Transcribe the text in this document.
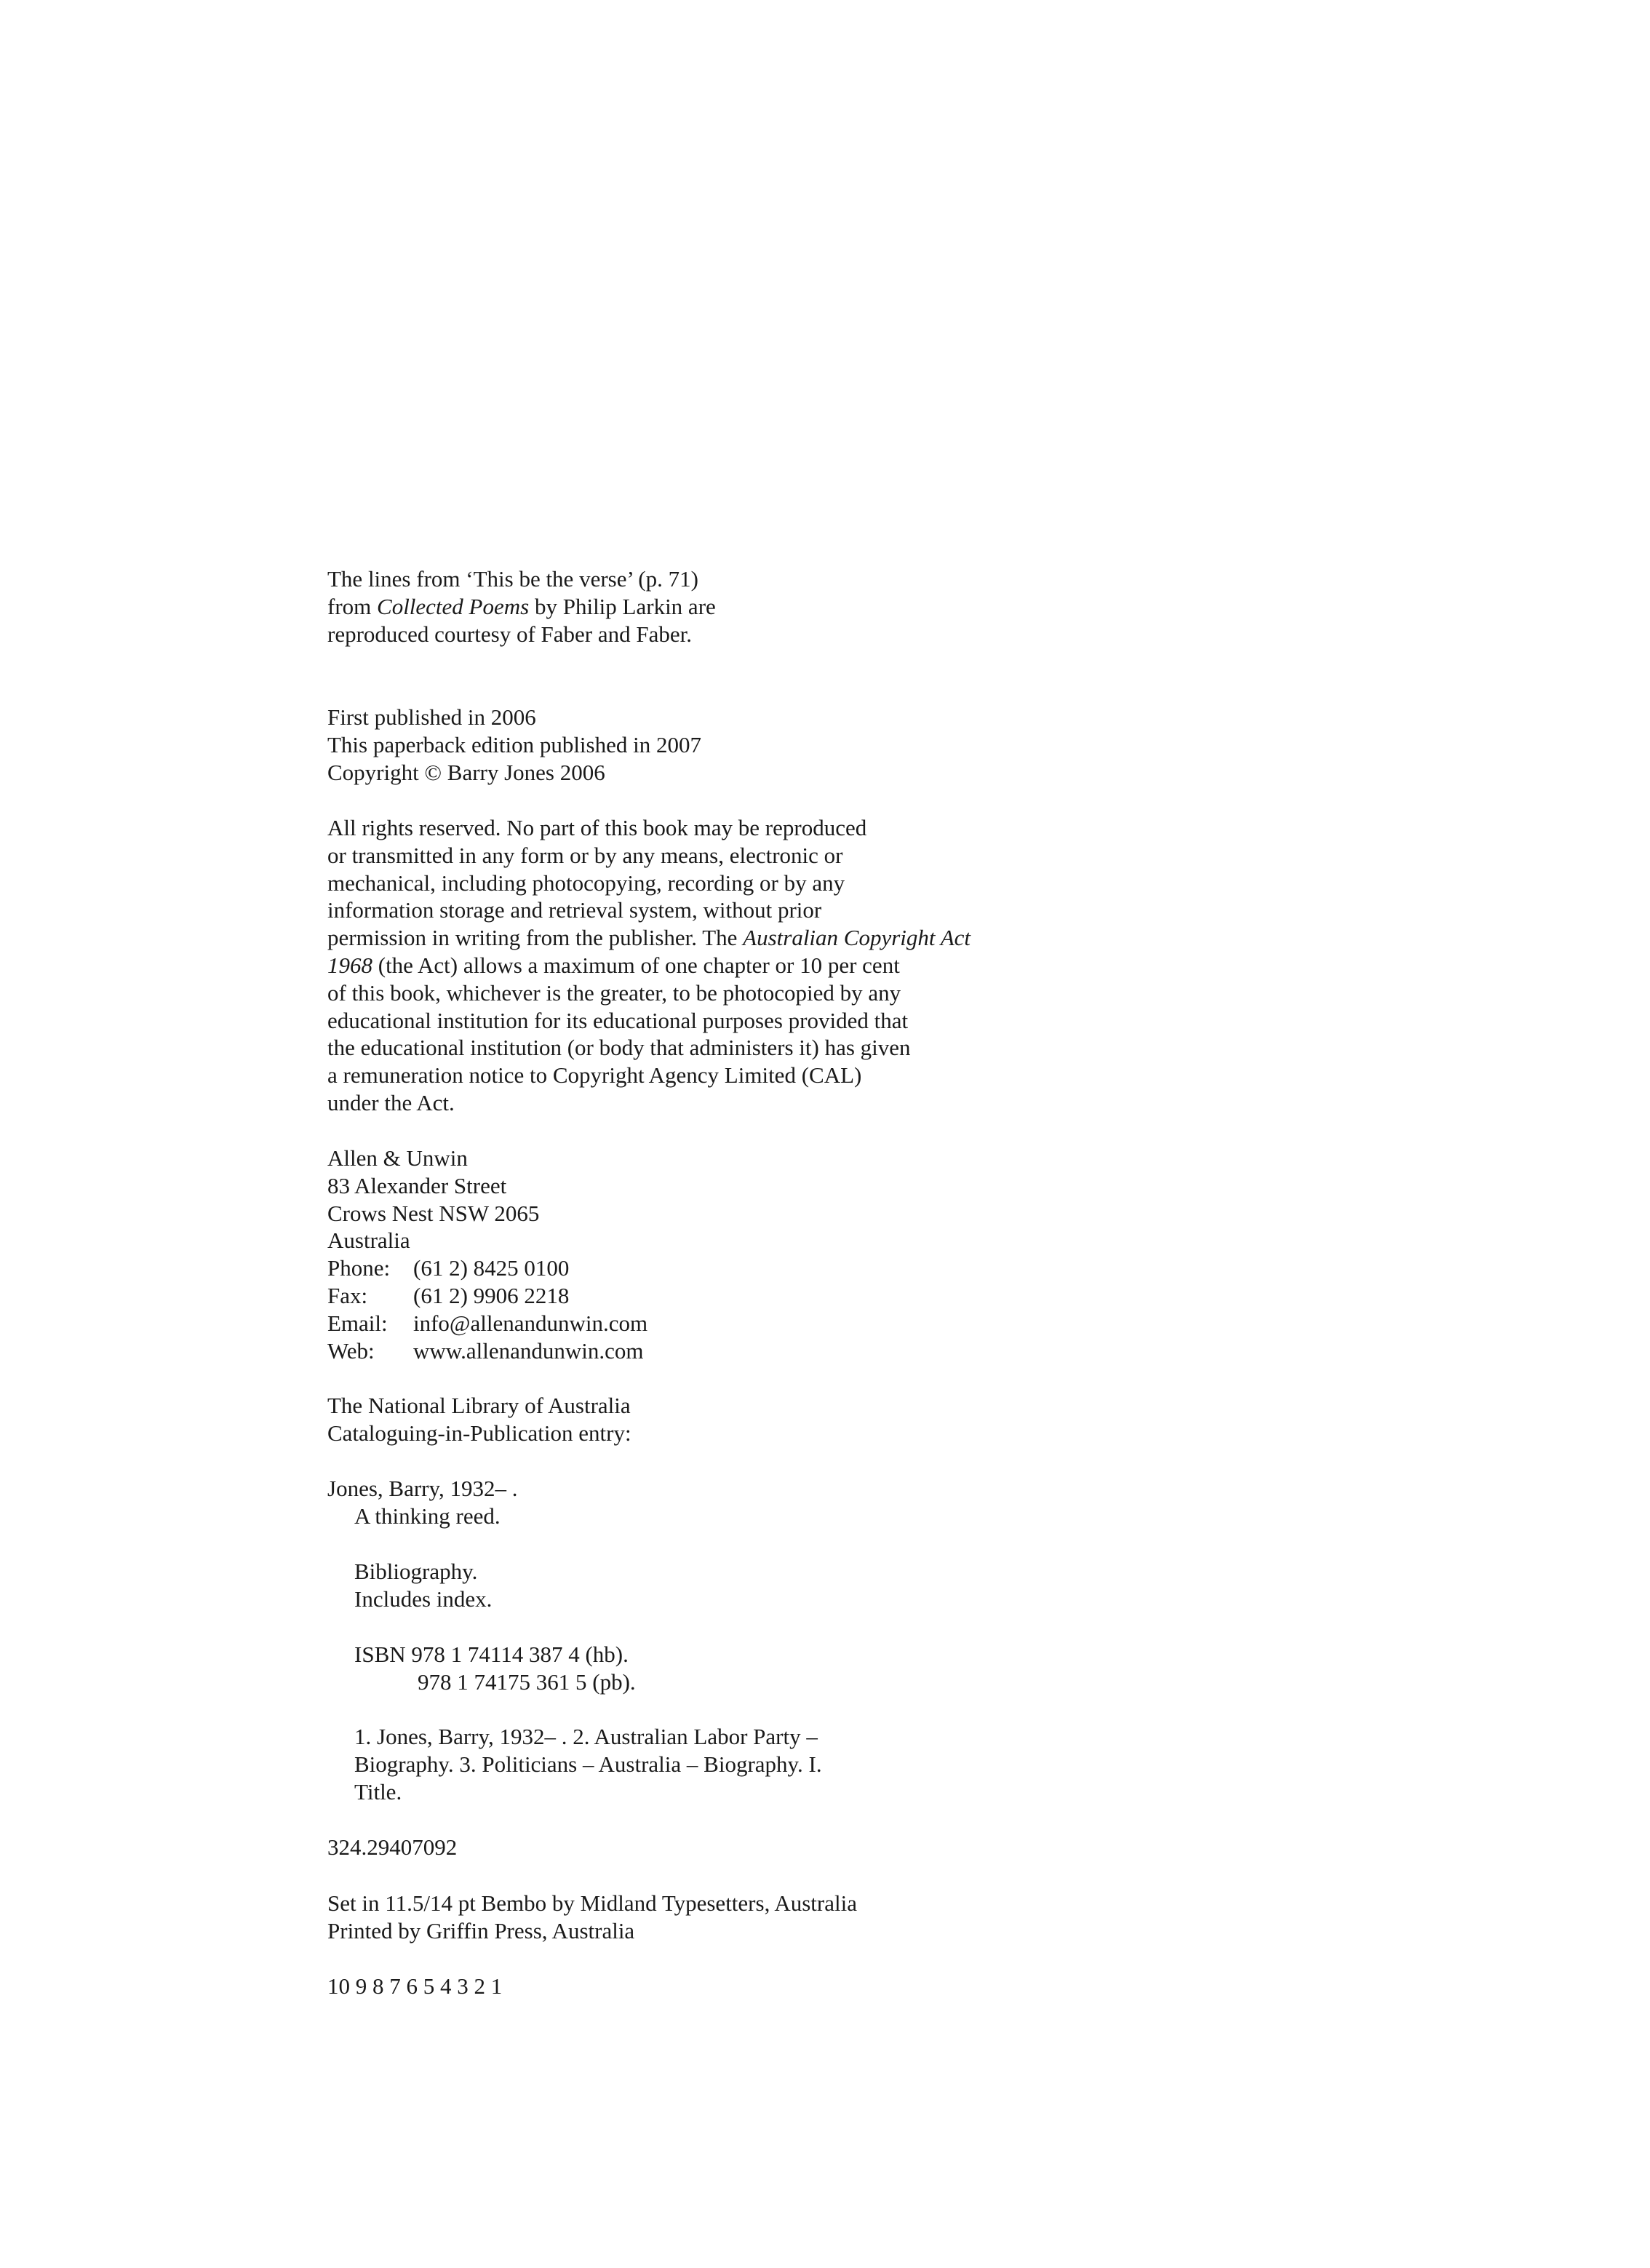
The lines from ‘This be the verse’ (p. 71)
from Collected Poems by Philip Larkin are
reproduced courtesy of Faber and Faber.
First published in 2006
This paperback edition published in 2007
Copyright © Barry Jones 2006
All rights reserved. No part of this book may be reproduced
or transmitted in any form or by any means, electronic or
mechanical, including photocopying, recording or by any
information storage and retrieval system, without prior
permission in writing from the publisher. The Australian Copyright Act
1968 (the Act) allows a maximum of one chapter or 10 per cent
of this book, whichever is the greater, to be photocopied by any
educational institution for its educational purposes provided that
the educational institution (or body that administers it) has given
a remuneration notice to Copyright Agency Limited (CAL)
under the Act.
Allen & Unwin
83 Alexander Street
Crows Nest NSW 2065
Australia
Phone: (61 2) 8425 0100
Fax: (61 2) 9906 2218
Email: info@allenandunwin.com
Web: www.allenandunwin.com
The National Library of Australia
Cataloguing-in-Publication entry:
Jones, Barry, 1932– .
A thinking reed.
Bibliography.
Includes index.
ISBN 978 1 74114 387 4 (hb).
978 1 74175 361 5 (pb).
1. Jones, Barry, 1932– . 2. Australian Labor Party –
Biography. 3. Politicians – Australia – Biography. I.
Title.
324.29407092
Set in 11.5/14 pt Bembo by Midland Typesetters, Australia
Printed by Griffin Press, Australia
10 9 8 7 6 5 4 3 2 1
